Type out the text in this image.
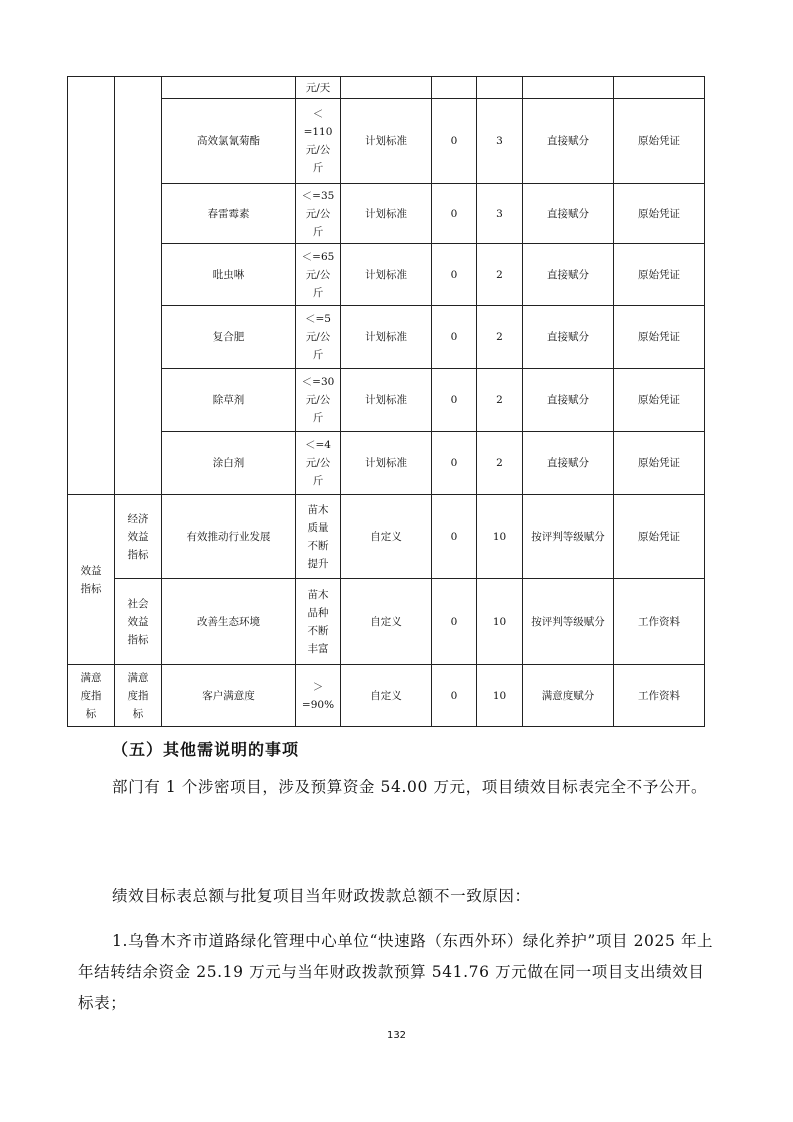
			元/天					
		高效氯氰菊酯	＜
=110
元/公
斤	计划标准	0	3	直接赋分	原始凭证
		春雷霉素	＜=35
元/公
斤	计划标准	0	3	直接赋分	原始凭证
		吡虫啉	＜=65
元/公
斤	计划标准	0	2	直接赋分	原始凭证
		复合肥	＜=5
元/公
斤	计划标准	0	2	直接赋分	原始凭证
		除草剂	＜=30
元/公
斤	计划标准	0	2	直接赋分	原始凭证
		涂白剂	＜=4
元/公
斤	计划标准	0	2	直接赋分	原始凭证

效益
指标	经济
效益
指标	有效推动行业发展	苗木
质量
不断
提升	自定义	0	10	按评判等级赋分	原始凭证

	社会
效益
指标	改善生态环境	苗木
品种
不断
丰富	自定义	0	10	按评判等级赋分	工作资料

满意
度指
标	满意
度指
标	客户满意度	＞
=90%	自定义	0	10	满意度赋分	工作资料
（五）其他需说明的事项
部门有 1 个涉密项目，涉及预算资金 54.00 万元，项目绩效目标表完全不予公开。
绩效目标表总额与批复项目当年财政拨款总额不一致原因：
1.乌鲁木齐市道路绿化管理中心单位“快速路（东西外环）绿化养护”项目 2025 年上年结转结余资金 25.19 万元与当年财政拨款预算 541.76 万元做在同一项目支出绩效目标表；
132
